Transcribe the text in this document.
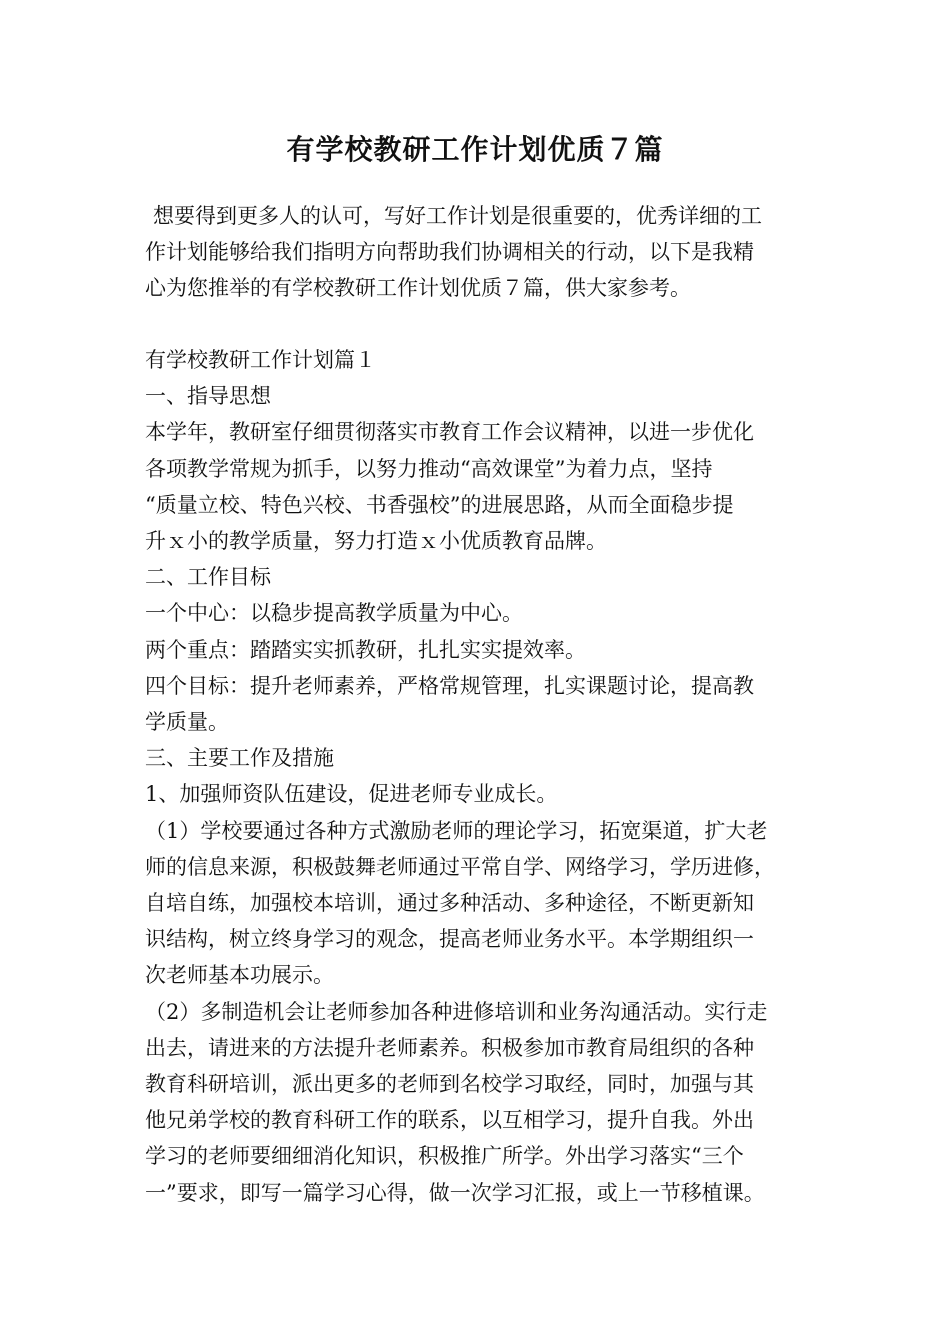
有学校教研工作计划优质７篇
想要得到更多人的认可，写好工作计划是很重要的，优秀详细的工
作计划能够给我们指明方向帮助我们协调相关的行动，以下是我精
心为您推举的有学校教研工作计划优质７篇，供大家参考。
有学校教研工作计划篇１
一、指导思想
本学年，教研室仔细贯彻落实市教育工作会议精神，以进一步优化
各项教学常规为抓手，以努力推动“高效课堂”为着力点，坚持
“质量立校、特色兴校、书香强校”的进展思路，从而全面稳步提
升ｘ小的教学质量，努力打造ｘ小优质教育品牌。
二、工作目标
一个中心：以稳步提高教学质量为中心。
两个重点：踏踏实实抓教研，扎扎实实提效率。
四个目标：提升老师素养，严格常规管理，扎实课题讨论，提高教
学质量。
三、主要工作及措施
1、加强师资队伍建设，促进老师专业成长。
（1）学校要通过各种方式激励老师的理论学习，拓宽渠道，扩大老
师的信息来源，积极鼓舞老师通过平常自学、网络学习，学历进修，
自培自练，加强校本培训，通过多种活动、多种途径，不断更新知
识结构，树立终身学习的观念，提高老师业务水平。本学期组织一
次老师基本功展示。
（2）多制造机会让老师参加各种进修培训和业务沟通活动。实行走
出去，请进来的方法提升老师素养。积极参加市教育局组织的各种
教育科研培训，派出更多的老师到名校学习取经，同时，加强与其
他兄弟学校的教育科研工作的联系，以互相学习，提升自我。外出
学习的老师要细细消化知识，积极推广所学。外出学习落实“三个
一”要求，即写一篇学习心得，做一次学习汇报，或上一节移植课。
